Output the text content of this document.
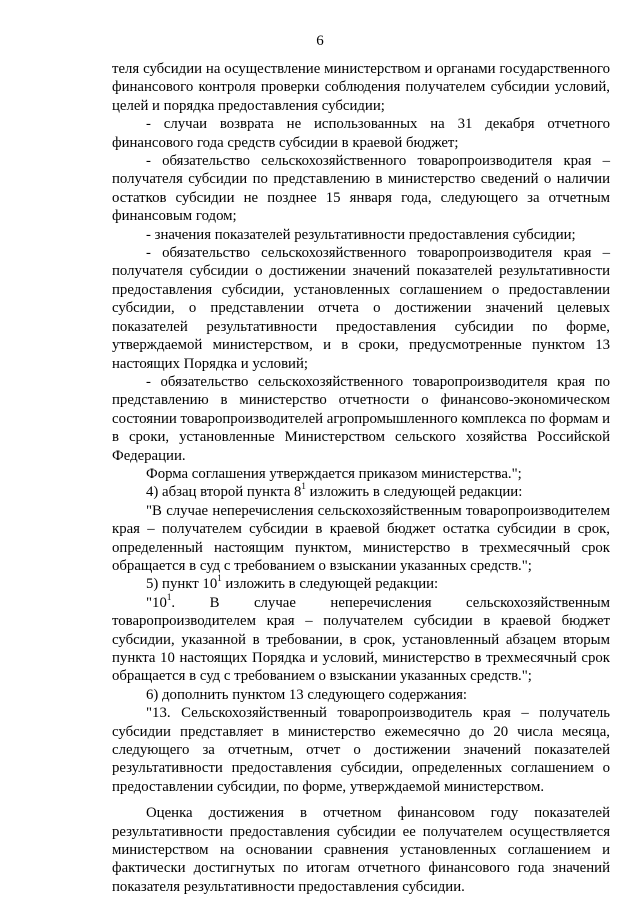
6

теля субсидии на осуществление министерством и органами государственного финансового контроля проверки соблюдения получателем субсидии условий, целей и порядка предоставления субсидии;

- случаи возврата не использованных на 31 декабря отчетного финансового года средств субсидии в краевой бюджет;

- обязательство сельскохозяйственного товаропроизводителя края – получателя субсидии по представлению в министерство сведений о наличии остатков субсидии не позднее 15 января года, следующего за отчетным финансовым годом;

- значения показателей результативности предоставления субсидии;

- обязательство сельскохозяйственного товаропроизводителя края – получателя субсидии о достижении значений показателей результативности предоставления субсидии, установленных соглашением о предоставлении субсидии, о представлении отчета о достижении значений целевых показателей результативности предоставления субсидии по форме, утверждаемой министерством, и в сроки, предусмотренные пунктом 13 настоящих Порядка и условий;

- обязательство сельскохозяйственного товаропроизводителя края по представлению в министерство отчетности о финансово-экономическом состоянии товаропроизводителей агропромышленного комплекса по формам и в сроки, установленные Министерством сельского хозяйства Российской Федерации.

Форма соглашения утверждается приказом министерства.";

4) абзац второй пункта $8^1$ изложить в следующей редакции:

"В случае неперечисления сельскохозяйственным товаропроизводителем края – получателем субсидии в краевой бюджет остатка субсидии в срок, определенный настоящим пунктом, министерство в трехмесячный срок обращается в суд с требованием о взыскании указанных средств.";

5) пункт $10^1$ изложить в следующей редакции:

"$10^1$. В случае неперечисления сельскохозяйственным товаропроизводителем края – получателем субсидии в краевой бюджет субсидии, указанной в требовании, в срок, установленный абзацем вторым пункта 10 настоящих Порядка и условий, министерство в трехмесячный срок обращается в суд с требованием о взыскании указанных средств.";

6) дополнить пунктом 13 следующего содержания:

"13. Сельскохозяйственный товаропроизводитель края – получатель субсидии представляет в министерство ежемесячно до 20 числа месяца, следующего за отчетным, отчет о достижении значений показателей результативности предоставления субсидии, определенных соглашением о предоставлении субсидии, по форме, утверждаемой министерством.

Оценка достижения в отчетном финансовом году показателей результативности предоставления субсидии ее получателем осуществляется министерством на основании сравнения установленных соглашением и фактически достигнутых по итогам отчетного финансового года значений показателя результативности предоставления субсидии.
